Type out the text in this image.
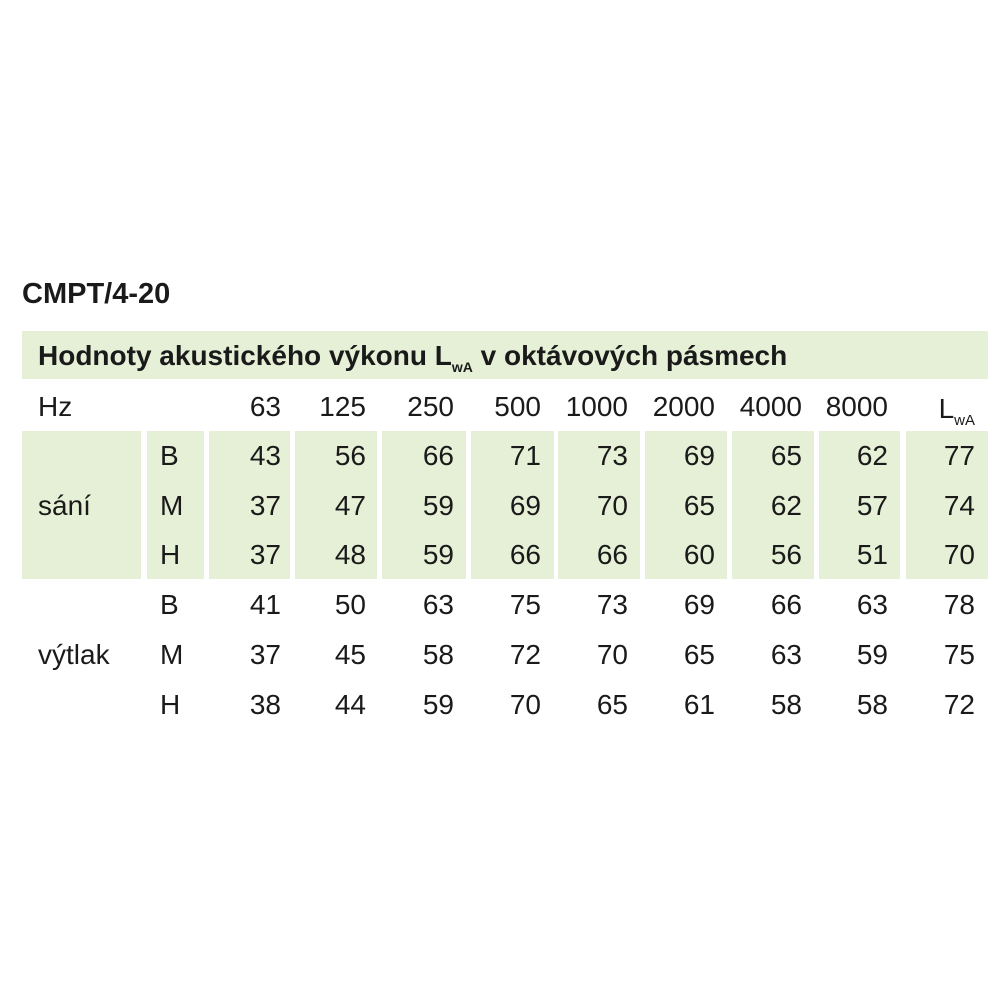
CMPT/4-20
Hodnoty akustického výkonu $L_{wA}$ v oktávových pásmech
Hz	63 125 250 500 1000 2000 4000 8000 $L_{wA}$
sání
B	43 56 66 71 73 69 65 62 77
M 37 47 59 69 70 65 62 57 74
H 37 48 59 66 66 60 56 51 70
výtlak
B	41 50 63 75 73 69 66 63 78
M 37 45 58 72 70 65 63 59 75
H 38 44 59 70 65 61 58 58 72
